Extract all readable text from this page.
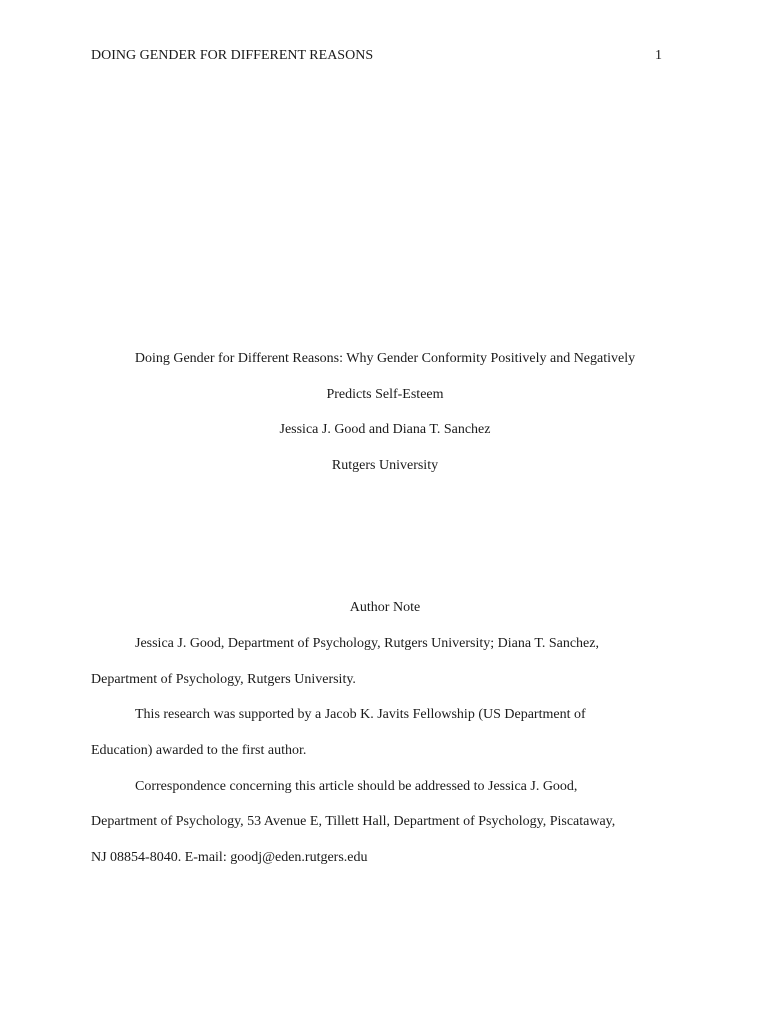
DOING GENDER FOR DIFFERENT REASONS	1
Doing Gender for Different Reasons: Why Gender Conformity Positively and Negatively
Predicts Self-Esteem
Jessica J. Good and Diana T. Sanchez
Rutgers University
Author Note
Jessica J. Good, Department of Psychology, Rutgers University; Diana T. Sanchez,
Department of Psychology, Rutgers University.
This research was supported by a Jacob K. Javits Fellowship (US Department of
Education) awarded to the first author.
Correspondence concerning this article should be addressed to Jessica J. Good,
Department of Psychology, 53 Avenue E, Tillett Hall, Department of Psychology, Piscataway,
NJ 08854-8040. E-mail: goodj@eden.rutgers.edu
